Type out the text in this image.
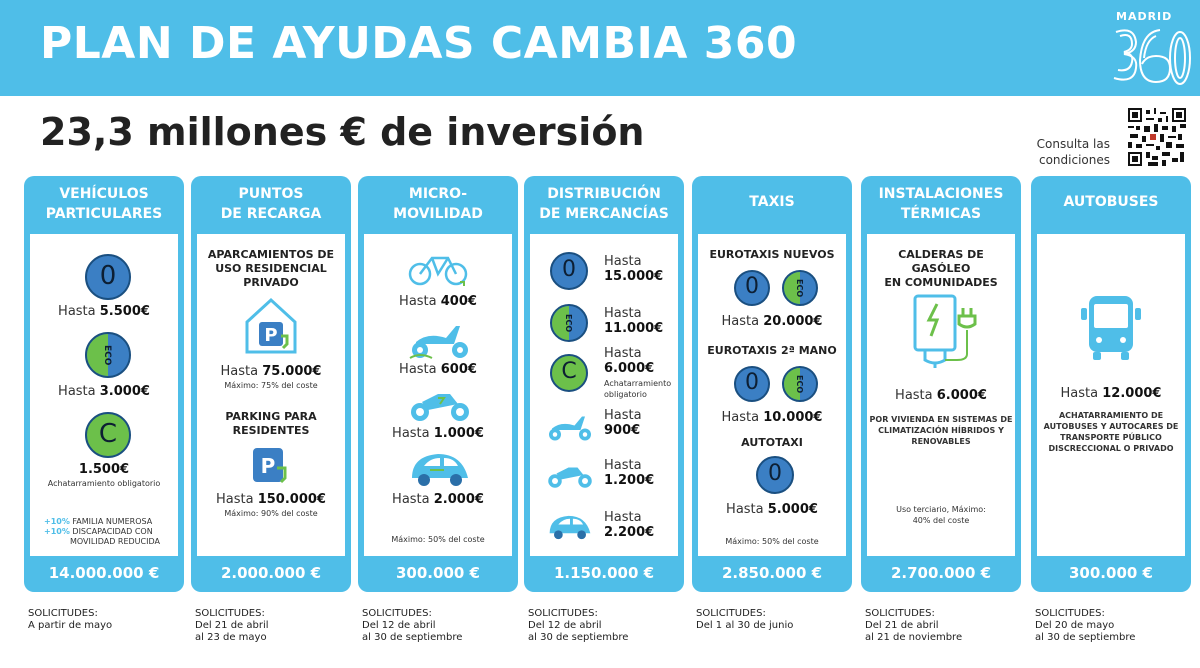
PLAN DE AYUDAS CAMBIA 360
MADRID
23,3 millones € de inversión	Consulta las
condiciones
VEHÍCULOS
PARTICULARES
0
Hasta 5.500€
ECO
Hasta 3.000€
C
1.500€
Achatarramiento obligatorio
+10% FAMILIA NUMEROSA
+10% DISCAPACIDAD CON
MOVILIDAD REDUCIDA
14.000.000 €
SOLICITUDES:
A partir de mayo
PUNTOS
DE RECARGA
APARCAMIENTOS DE
USO RESIDENCIAL
PRIVADO
P
Hasta 75.000€
Máximo: 75% del coste
PARKING PARA
RESIDENTES
P
Hasta 150.000€
Máximo: 90% del coste
2.000.000 €
SOLICITUDES:
Del 21 de abril
al 23 de mayo
MICRO-
MOVILIDAD
Hasta 400€
Hasta 600€
Hasta 1.000€
Hasta 2.000€
Máximo: 50% del coste
300.000 €
SOLICITUDES:
Del 12 de abril
al 30 de septiembre
DISTRIBUCIÓN
DE MERCANCÍAS
0	Hasta
15.000€
ECO
Hasta
11.000€
C
Hasta
6.000€
Achatarramiento
obligatorio
Hasta
900€
Hasta
1.200€
Hasta
2.200€
1.150.000 €
SOLICITUDES:
Del 12 de abril
al 30 de septiembre
TAXIS
EUROTAXIS NUEVOS
0	ECO
Hasta 20.000€
EUROTAXIS 2ª MANO
0	ECO
Hasta 10.000€
AUTOTAXI
0
Hasta 5.000€
Máximo: 50% del coste
2.850.000 €
SOLICITUDES:
Del 1 al 30 de junio
INSTALACIONES
TÉRMICAS
CALDERAS DE GASÓLEO
EN COMUNIDADES
Hasta 6.000€
POR VIVIENDA EN SISTEMAS DE
CLIMATIZACIÓN HÍBRIDOS Y
RENOVABLES
Uso terciario, Máximo:
40% del coste
2.700.000 €
SOLICITUDES:
Del 21 de abril
al 21 de noviembre
AUTOBUSES
Hasta 12.000€
ACHATARRAMIENTO DE
AUTOBUSES Y AUTOCARES DE
TRANSPORTE PÚBLICO
DISCRECCIONAL O PRIVADO
300.000 €
SOLICITUDES:
Del 20 de mayo
al 30 de septiembre
